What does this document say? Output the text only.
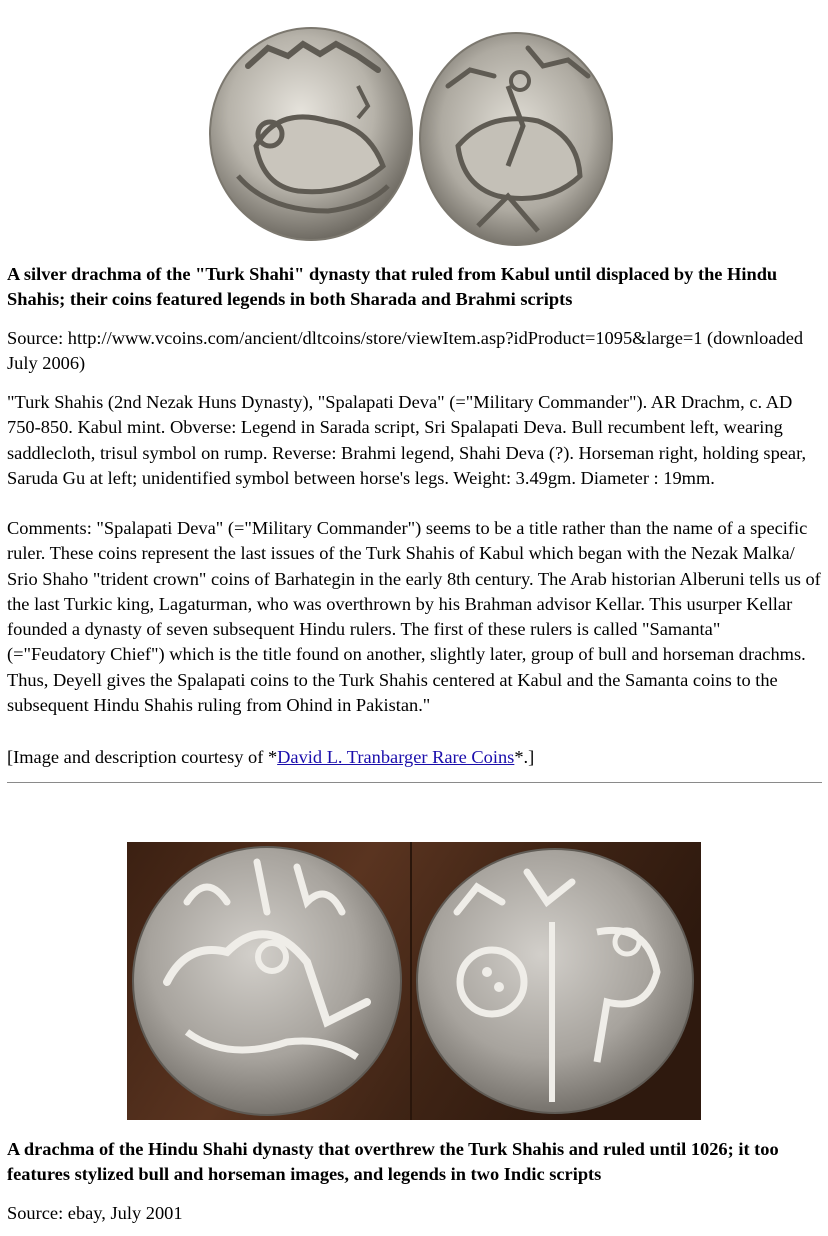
A silver drachma of the "Turk Shahi" dynasty that ruled from Kabul until displaced by the Hindu Shahis; their coins featured legends in both Sharada and Brahmi scripts
Source: http://www.vcoins.com/ancient/dltcoins/store/viewItem.asp?idProduct=1095&large=1 (downloaded July 2006)
"Turk Shahis (2nd Nezak Huns Dynasty), "Spalapati Deva" (="Military Commander"). AR Drachm, c. AD 750-850. Kabul mint. Obverse: Legend in Sarada script, Sri Spalapati Deva. Bull recumbent left, wearing saddlecloth, trisul symbol on rump. Reverse: Brahmi legend, Shahi Deva (?). Horseman right, holding spear, Saruda Gu at left; unidentified symbol between horse's legs. Weight: 3.49gm. Diameter : 19mm.
Comments: "Spalapati Deva" (="Military Commander") seems to be a title rather than the name of a specific ruler. These coins represent the last issues of the Turk Shahis of Kabul which began with the Nezak Malka/ Srio Shaho "trident crown" coins of Barhategin in the early 8th century. The Arab historian Alberuni tells us of the last Turkic king, Lagaturman, who was overthrown by his Brahman advisor Kellar. This usurper Kellar founded a dynasty of seven subsequent Hindu rulers. The first of these rulers is called "Samanta" (="Feudatory Chief") which is the title found on another, slightly later, group of bull and horseman drachms. Thus, Deyell gives the Spalapati coins to the Turk Shahis centered at Kabul and the Samanta coins to the subsequent Hindu Shahis ruling from Ohind in Pakistan."
[Image and description courtesy of *David L. Tranbarger Rare Coins*.]
A drachma of the Hindu Shahi dynasty that overthrew the Turk Shahis and ruled until 1026; it too features stylized bull and horseman images, and legends in two Indic scripts
Source: ebay, July 2001
